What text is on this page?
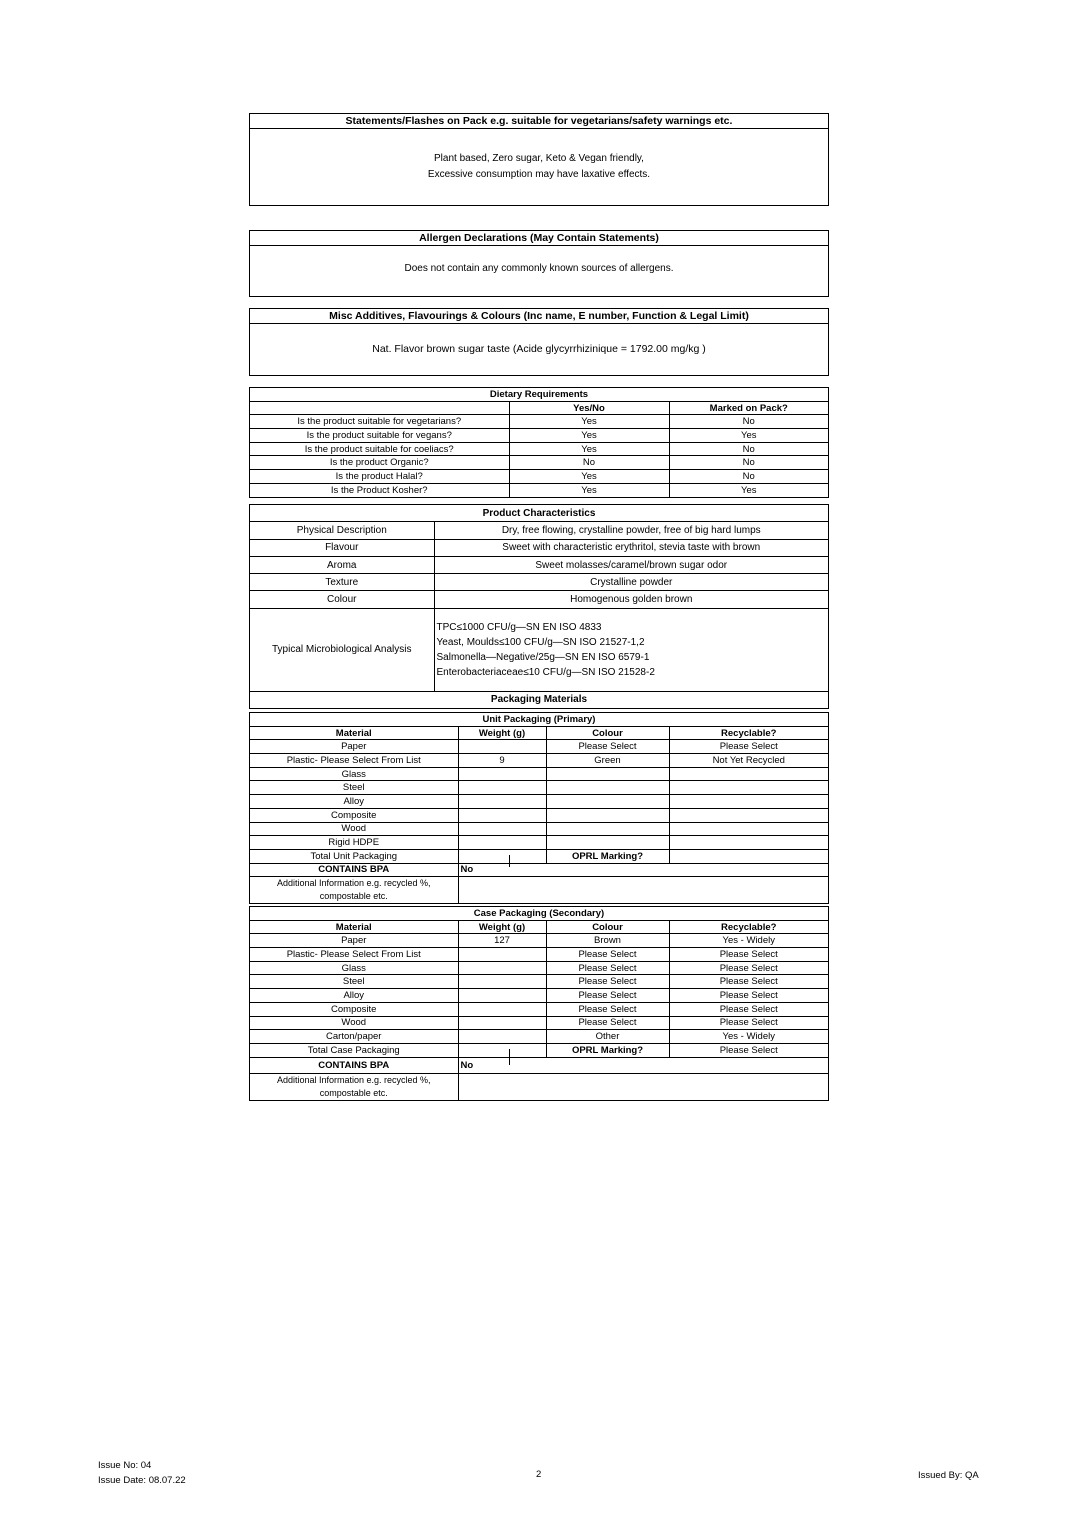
Statements/Flashes on Pack e.g. suitable for vegetarians/safety warnings etc.
Plant based, Zero sugar, Keto & Vegan friendly,
Excessive consumption may have laxative effects.
Allergen Declarations (May Contain Statements)
Does not contain any commonly known sources of allergens.
Misc Additives, Flavourings & Colours (Inc name, E number, Function & Legal Limit)
Nat. Flavor brown sugar taste (Acide glycyrrhizinique = 1792.00 mg/kg )
Dietary Requirements		
	Yes/No	Marked on Pack?
Is the product suitable for vegetarians?	Yes	No
Is the product suitable for vegans?	Yes	Yes
Is the product suitable for coeliacs?	Yes	No
Is the product Organic?	No	No
Is the product Halal?	Yes	No
Is the Product Kosher?	Yes	Yes
Product Characteristics	
Physical Description	Dry, free flowing, crystalline powder, free of big hard lumps
Flavour	Sweet with characteristic erythritol, stevia taste with brown
Aroma	Sweet molasses/caramel/brown sugar odor
Texture	Crystalline powder
Colour	Homogenous golden brown
Typical Microbiological Analysis	TPC≤1000 CFU/g—SN EN ISO 4833
Yeast, Moulds≤100 CFU/g—SN ISO 21527-1,2
Salmonella—Negative/25g—SN EN ISO 6579-1
Enterobacteriaceae≤10 CFU/g—SN ISO 21528-2

Packaging Materials	
Unit Packaging (Primary)			
Material	Weight (g)	Colour	Recyclable?
Paper		Please Select	Please Select
Plastic- Please Select From List	9	Green	Not Yet Recycled
Glass			
Steel			
Alloy			
Composite			
Wood			
Rigid HDPE			
Total Unit Packaging		OPRL Marking?	
CONTAINS BPA	No		

Additional Information e.g. recycled %,
compostable etc.			

Case Packaging (Secondary)			
Material	Weight (g)	Colour	Recyclable?
Paper	127	Brown	Yes - Widely
Plastic- Please Select From List		Please Select	Please Select
Glass		Please Select	Please Select
Steel		Please Select	Please Select
Alloy		Please Select	Please Select
Composite		Please Select	Please Select
Wood		Please Select	Please Select
Carton/paper		Other	Yes - Widely
Total Case Packaging		OPRL Marking?	Please Select
CONTAINS BPA	No		

Additional Information e.g. recycled %,
compostable etc.			

Issue No: 04
Issue Date: 08.07.22
2	Issued By: QA
